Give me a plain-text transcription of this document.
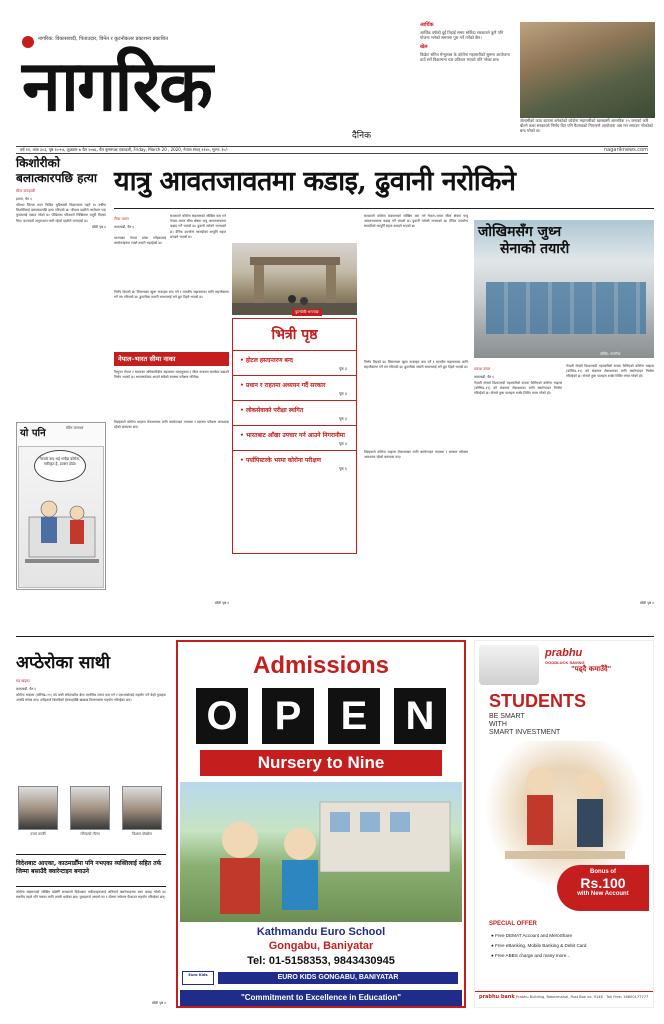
नागरिक: विकासवादी, पिताउदार, विनेत र कूटनोकलर प्रकाशना प्रकाशित
नागरिक
दैनिक
आर्थिक
आर्थिक वर्षको दुई तिहाई समय सकिँदा सरकारले कुनै पनि योजना भनेको समयमा पुरा गर्ने गर्नेको छैन।
खेल
किक्रेट संगित मेन्युलाल के कोरोना महामारीको सुरुमा आयोजना ठाउँ सर्ने विकल्पमा चार प्रतिशत भएको पनि गरेका छन।
जेलामीको काठ काठमा बनेकोको कोरोना महामारीको खरखासी आन्तरिक २५ जनाको करि बोल्ने कथा सरकारले निर्णय दिए पनि फैलावको नियन्त्रणे आयोजना अब मन लगाउन गरेकोको बन्द गरेको छ।
वर्ष ११, अंक ३०३, पृष्ठ १०+४, शुक्रबार ७ चैत २०७६, चैत कृष्णपक्ष एकादशी, Friday, March 20 , 2020, नेपाल संवत् ११४०, मूल्य: १०/-	nagariknews.com
किशोरीको बलात्कारपछि हत्या
सीता बाराहाली
इलाम, चैत ६
पाँचथर जिल्ला मदन फिदिम सुबिधाको विद्यालयमा पढ्ने १४ वर्षीया किशोरीलाई बलात्कारपछि हत्या गरिएको छ। पाँचथर प्रहरीले आरोपमा एक युवकलाई पक्राउ गरेको छ। पीडितका परिवारले लिखितमा उजुरी दिएका थिए। घटनाबारे अनुसन्धान जारी रहेको प्रहरीले जनाएको छ।
बाँकी पृष्ठ ४
यो पनि	रविन मानन्धर
नेटवर्क बन्द भई भन्दैछ कोरोना, एकीकृत है, डाक्टर डोडो।
यात्रु आवतजावतमा कडाइ, ढुवानी नरोकिने
टीका प्रधान
काठमाडौं, चैत ६
सरकारले कोरोना संक्रमणको जोखिम कम गर्न नेपाल–भारत सीमा क्षेत्रमा यात्रु आवतजावतमा कडाइ गर्ने भएको छ। ढुवानी नरोक्ने जनाएको छ। दैनिक उपभोग्य सामग्रीको आपूर्ति सहज बनाइने भएको छ।
भारतबाट नेपाल प्रवेश गर्नेहरूलाई क्वारेन्टाइनमा राख्ने तयारी भइरहेको छ।
फुल्चोकी भन्ज्याङ
निर्णय दिएको छ। सिमानाका खुला नाकाहरु बन्द गर्ने र मानवीय सहायताका लागि सहजीकरण गर्ने तय गरिएको छ। ढुवानीका सवारी साधनलाई भने छुट दिइने भएको छ।
नेपाल–भारत सीमा नाका
त्रिभुवन नेपाल र भारतका अधिकारीबीच सहमतमा सदरमुकाम र सीमा नाकामा सतर्कता बढाउने निर्णय भएको छ। भारततर्फबाट आउने सबैको स्वास्थ्य परीक्षण गरिनेछ।
विज्ञहरूले कोरोना भाइरस रोकथामका लागि क्वारेन्टाइन व्यवस्था र स्वास्थ्य परीक्षण आवश्यक रहेको बताएका छन्।
बाँकी पृष्ठ ४
भित्री पृष्ठ
• होटल हस्तान्तरण बन्द
पृष्ठ ३
• प्रधान र राहतमा अध्ययन गर्दै सरकार
पृष्ठ ३
• लोकसेवाको परीक्षा स्थगित
पृष्ठ ३
• भारतबाट आँखा उपचार गर्न आउने निगरानीमा
पृष्ठ ३
• पर्यापिस्टरके भरमा कोरोना परीक्षण
पृष्ठ ६
सरकारले कोरोना संक्रमणको जोखिम कम गर्न नेपाल–भारत सीमा क्षेत्रमा यात्रु आवतजावतमा कडाइ गर्ने भएको छ। ढुवानी नरोक्ने जनाएको छ। दैनिक उपभोग्य सामग्रीको आपूर्ति सहज बनाइने भएको छ।
निर्णय दिएको छ। सिमानाका खुला नाकाहरु बन्द गर्ने र मानवीय सहायताका लागि सहजीकरण गर्ने तय गरिएको छ। ढुवानीका सवारी साधनलाई भने छुट दिइने भएको छ।
विज्ञहरूले कोरोना भाइरस रोकथामका लागि क्वारेन्टाइन व्यवस्था र स्वास्थ्य परीक्षण आवश्यक रहेको बताएका छन्।
जोखिमसँग जुध्न
सेनाको तयारी
तस्बिर: नागरिक
प्रकाश बराल
काठमाडौं, चैत ६
नेपाली सेनाले विश्वव्यापी महामारीको रूपमा फैलिएको कोरोना भाइरस (कोभिड–१९) को संक्रमण रोकथामका लागि क्वारेन्टाइन निर्माण गरिरहेको छ। सेनाले ठूला पालहरू राखेर शिविर तयार गरेको हो।
नेपाली सेनाले विश्वव्यापी महामारीको रूपमा फैलिएको कोरोना भाइरस (कोभिड–१९) को संक्रमण रोकथामका लागि क्वारेन्टाइन निर्माण गरिरहेको छ। सेनाले ठूला पालहरू राखेर शिविर तयार गरेको हो।
बाँकी पृष्ठ ४
अप्ठेरोका साथी
रुद्र खड्का
काठमाडौं, चैत ६
कोरोना भाइरस (कोभिड–१९) को जस्तै संवेदनशील बेला मानसिक तनाव कम गर्न र एकअर्कालाई सहयोग गर्न केही युवाहरू अगाडि सरेका छन्। उनीहरूले बिरामीको हेरचाहदेखि खाद्यान्न वितरणसम्म सहयोग गरिरहेका छन्।
उत्तम कार्की	रविन्द्रको गौतम	विशाल पोखरेल
विदेशबाट आएका, काठमाडौँमा पनि नभएका व्यक्तिलाई सहित तर्फ जिम्मा बसाउँदै क्वारेन्टाइन बनाउने
कोरोना संक्रमणको जोखिम बढेसँगै सरकारले विदेशबाट फर्केकाहरूलाई अनिवार्य क्वारेन्टाइनमा बस्न आग्रह गरेको छ। स्थानीय तहले पनि यसका लागि तयारी थालेका छन्। युवाहरूले आफ्नो घर र टोलमा सचेतना फैलाउन सहयोग गरिरहेका छन्।
बाँकी पृष्ठ ४
Admissions
O P E N
Nursery to Nine
Kathmandu Euro School
Gongabu, Baniyatar
Tel: 01-5158353, 9843430945
Euro Kids	EURO KIDS GONGABU, BANIYATAR
"Commitment to Excellence in Education"
prabhu
GOODLUCK SAVING
"पढ्दै कमाउँदै"
STUDENTS
BE SMART
WITH
SMART INVESTMENT
Bonus of
Rs.100
with New Account
SPECIAL OFFER
● Free DEMAT Account and MeroShare
● Free eBanking, Mobile Banking & Debit Card
● Free ABBS charge and many more...
prabhu bank Prabhu Building, Babarmahal, Post Box no. 9146 · Toll Free: 16600177777
